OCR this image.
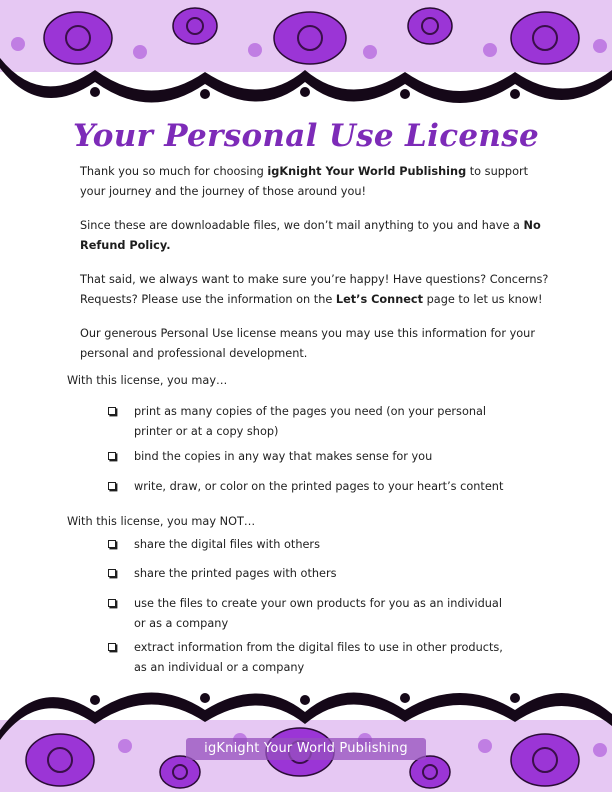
Your Personal Use License

Thank you so much for choosing igKnight Your World Publishing to support your journey and the journey of those around you!

Since these are downloadable files, we don’t mail anything to you and have a No Refund Policy.

That said, we always want to make sure you’re happy! Have questions? Concerns? Requests? Please use the information on the Let’s Connect page to let us know!

Our generous Personal Use license means you may use this information for your personal and professional development.

With this license, you may…

print as many copies of the pages you need (on your personal printer or at a copy shop)
bind the copies in any way that makes sense for you
write, draw, or color on the printed pages to your heart’s content

With this license, you may NOT…

share the digital files with others
share the printed pages with others
use the files to create your own products for you as an individual or as a company
extract information from the digital files to use in other products, as an individual or a company
igKnight Your World Publishing
